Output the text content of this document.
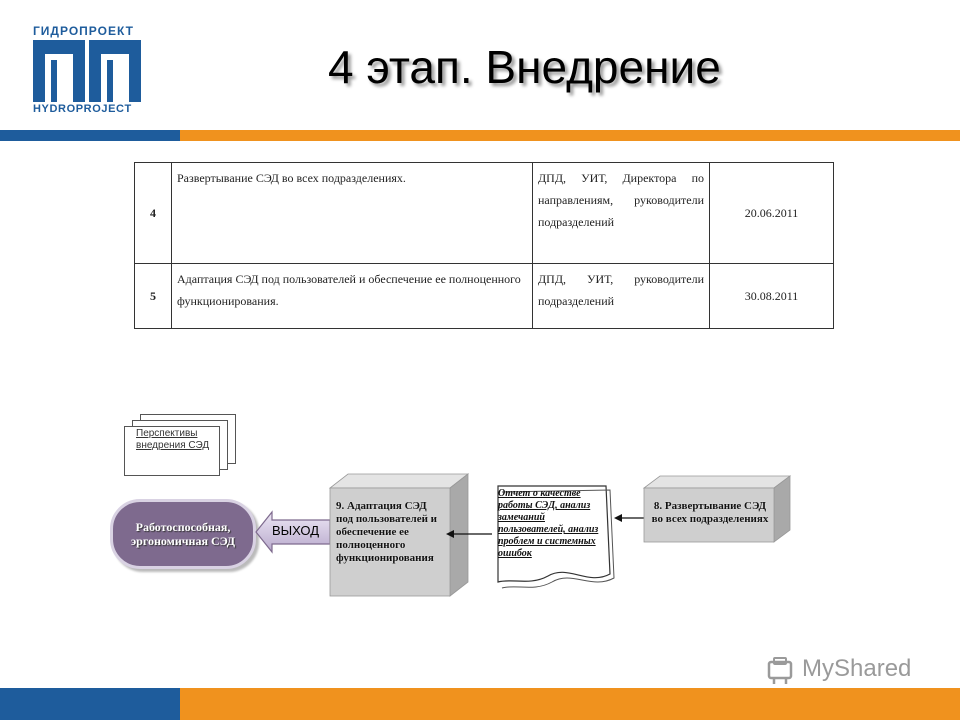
ГИДРОПРОЕКТ
HYDROPROJECT
4 этап. Внедрение
4	Развертывание СЭД во всех подразделениях.	ДПД, УИТ, Директора по направлениям, руководители подразделений	20.06.2011
5	Адаптация СЭД под пользователей и обеспечение ее полноценного функционирования.	ДПД, УИТ, руководители подразделений	30.08.2011
Перспективы внедрения СЭД
Работоспособная, эргономичная СЭД
ВЫХОД
9. Адаптация СЭД под пользователей и обеспечение ее полноценного функционирования
Отчет о качестве работы СЭД, анализ замечаний пользователей, анализ проблем и системных ошибок
8. Развертывание СЭД во всех подразделениях
MyShared
